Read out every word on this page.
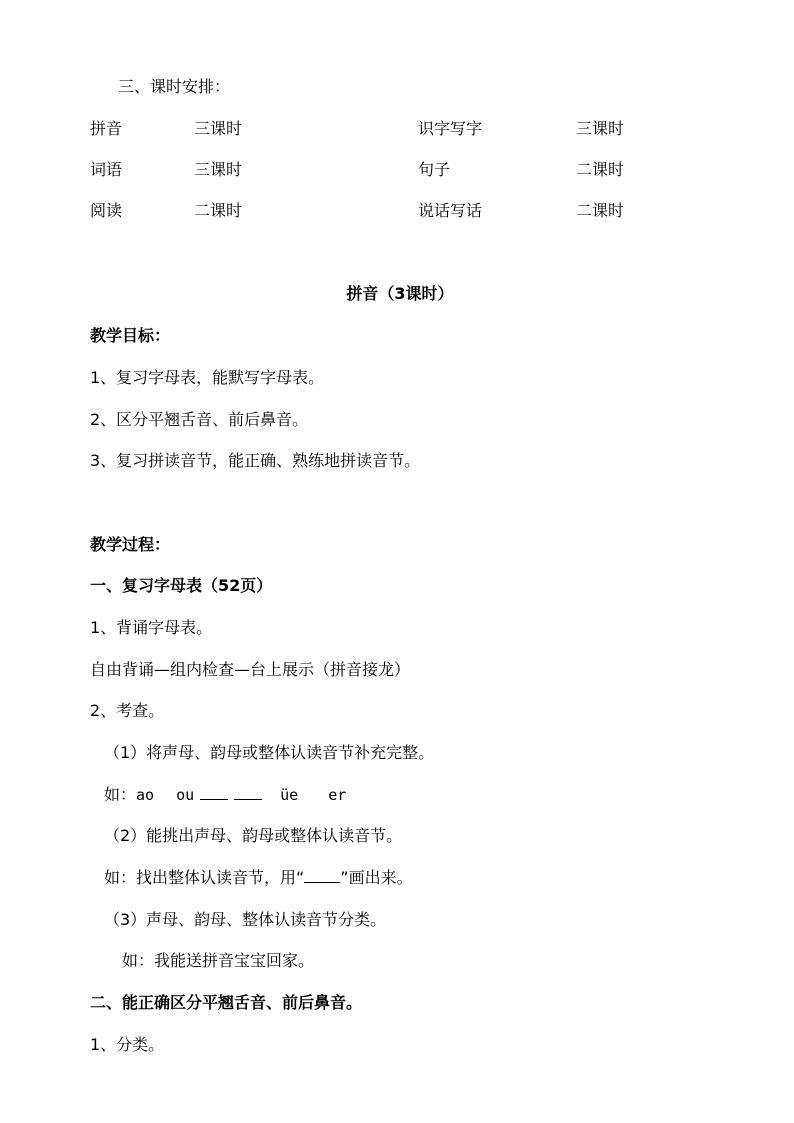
三、课时安排：
拼音	三课时	识字写字	三课时
词语	三课时	句子	二课时
阅读	二课时	说话写话	二课时
拼音（3课时）
教学目标：
1、复习字母表，能默写字母表。
2、区分平翘舌音、前后鼻音。
3、复习拼读音节，能正确、熟练地拼读音节。
教学过程：
一、复习字母表（52页）
1、背诵字母表。
自由背诵—组内检查—台上展示（拼音接龙）
2、考查。
（1）将声母、韵母或整体认读音节补充完整。
如：ao ou	üe er
（2）能挑出声母、韵母或整体认读音节。
如：找出整体认读音节，用“ ”画出来。
（3）声母、韵母、整体认读音节分类。
如：我能送拼音宝宝回家。
二、能正确区分平翘舌音、前后鼻音。
1、分类。
